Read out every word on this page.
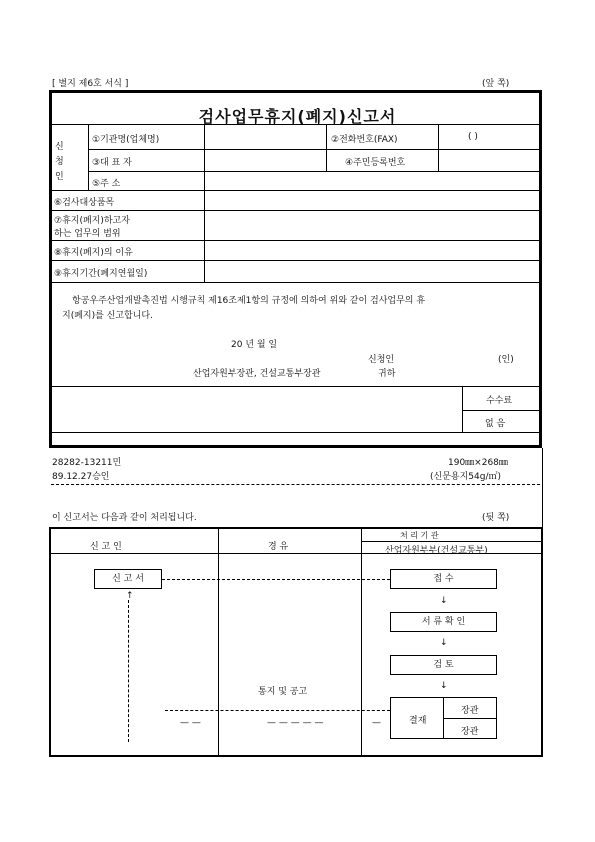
[ 별지 제6호 서식 ]	(앞 쪽)
검사업무휴지(폐지)신고서
신
청
인
①기관명(업체명)	②전화번호(FAX)	( )
③대 표 자	④주민등록번호
⑤주 소
⑥검사대상품목
⑦휴지(폐지)하고자
하는 업무의 범위
⑧휴지(폐지)의 이유
⑨휴지기간(폐지연월일)
항공우주산업개발촉진법 시행규칙 제16조제1항의 규정에 의하여 위와 같이 검사업무의 휴
지(폐지)를 신고합니다.
20 년 월 일
신청인	(인)
산업자원부장관, 건설교통부장관	귀하
수수료
없 음
28282-13211민
89.12.27승인
190㎜×268㎜
(신문용지54g/㎡)
이 신고서는 다음과 같이 처리됩니다.	(뒷 쪽)
신 고 인	경 유
처 리 기 관
산업자원부부(건설교통부)
신 고 서	접 수
서 류 확 인
검 토
결재
장관
장관
↑	↓
↓
↓
통지 및 공고
— —	— — — — —	—
